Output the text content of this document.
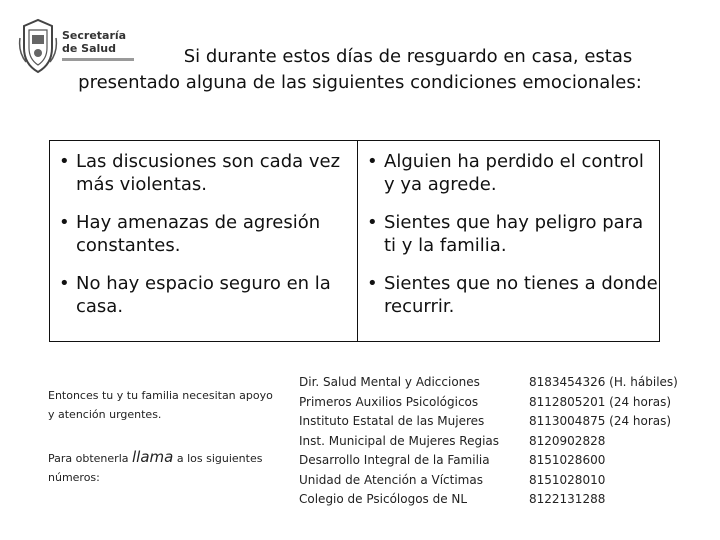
Secretaría
de Salud	Si durante estos días de resguardo en casa, estas
presentado alguna de las siguientes condiciones emocionales:
• Las discusiones son cada vez más violentas.
• Hay amenazas de agresión constantes.
• No hay espacio seguro en la casa.
• Alguien ha perdido el control y ya agrede.
• Sientes que hay peligro para ti y la familia.
• Sientes que no tienes a donde recurrir.
Entonces tu y tu familia necesitan apoyo y atención urgentes.
Para obtenerla llama a los siguientes números:
Dir. Salud Mental y Adicciones	8183454326 (H. hábiles)
Primeros Auxilios Psicológicos	8112805201 (24 horas)
Instituto Estatal de las Mujeres	8113004875 (24 horas)
Inst. Municipal de Mujeres Regias 8120902828
Desarrollo Integral de la Familia	8151028600
Unidad de Atención a Víctimas	8151028010
Colegio de Psicólogos de NL	8122131288
